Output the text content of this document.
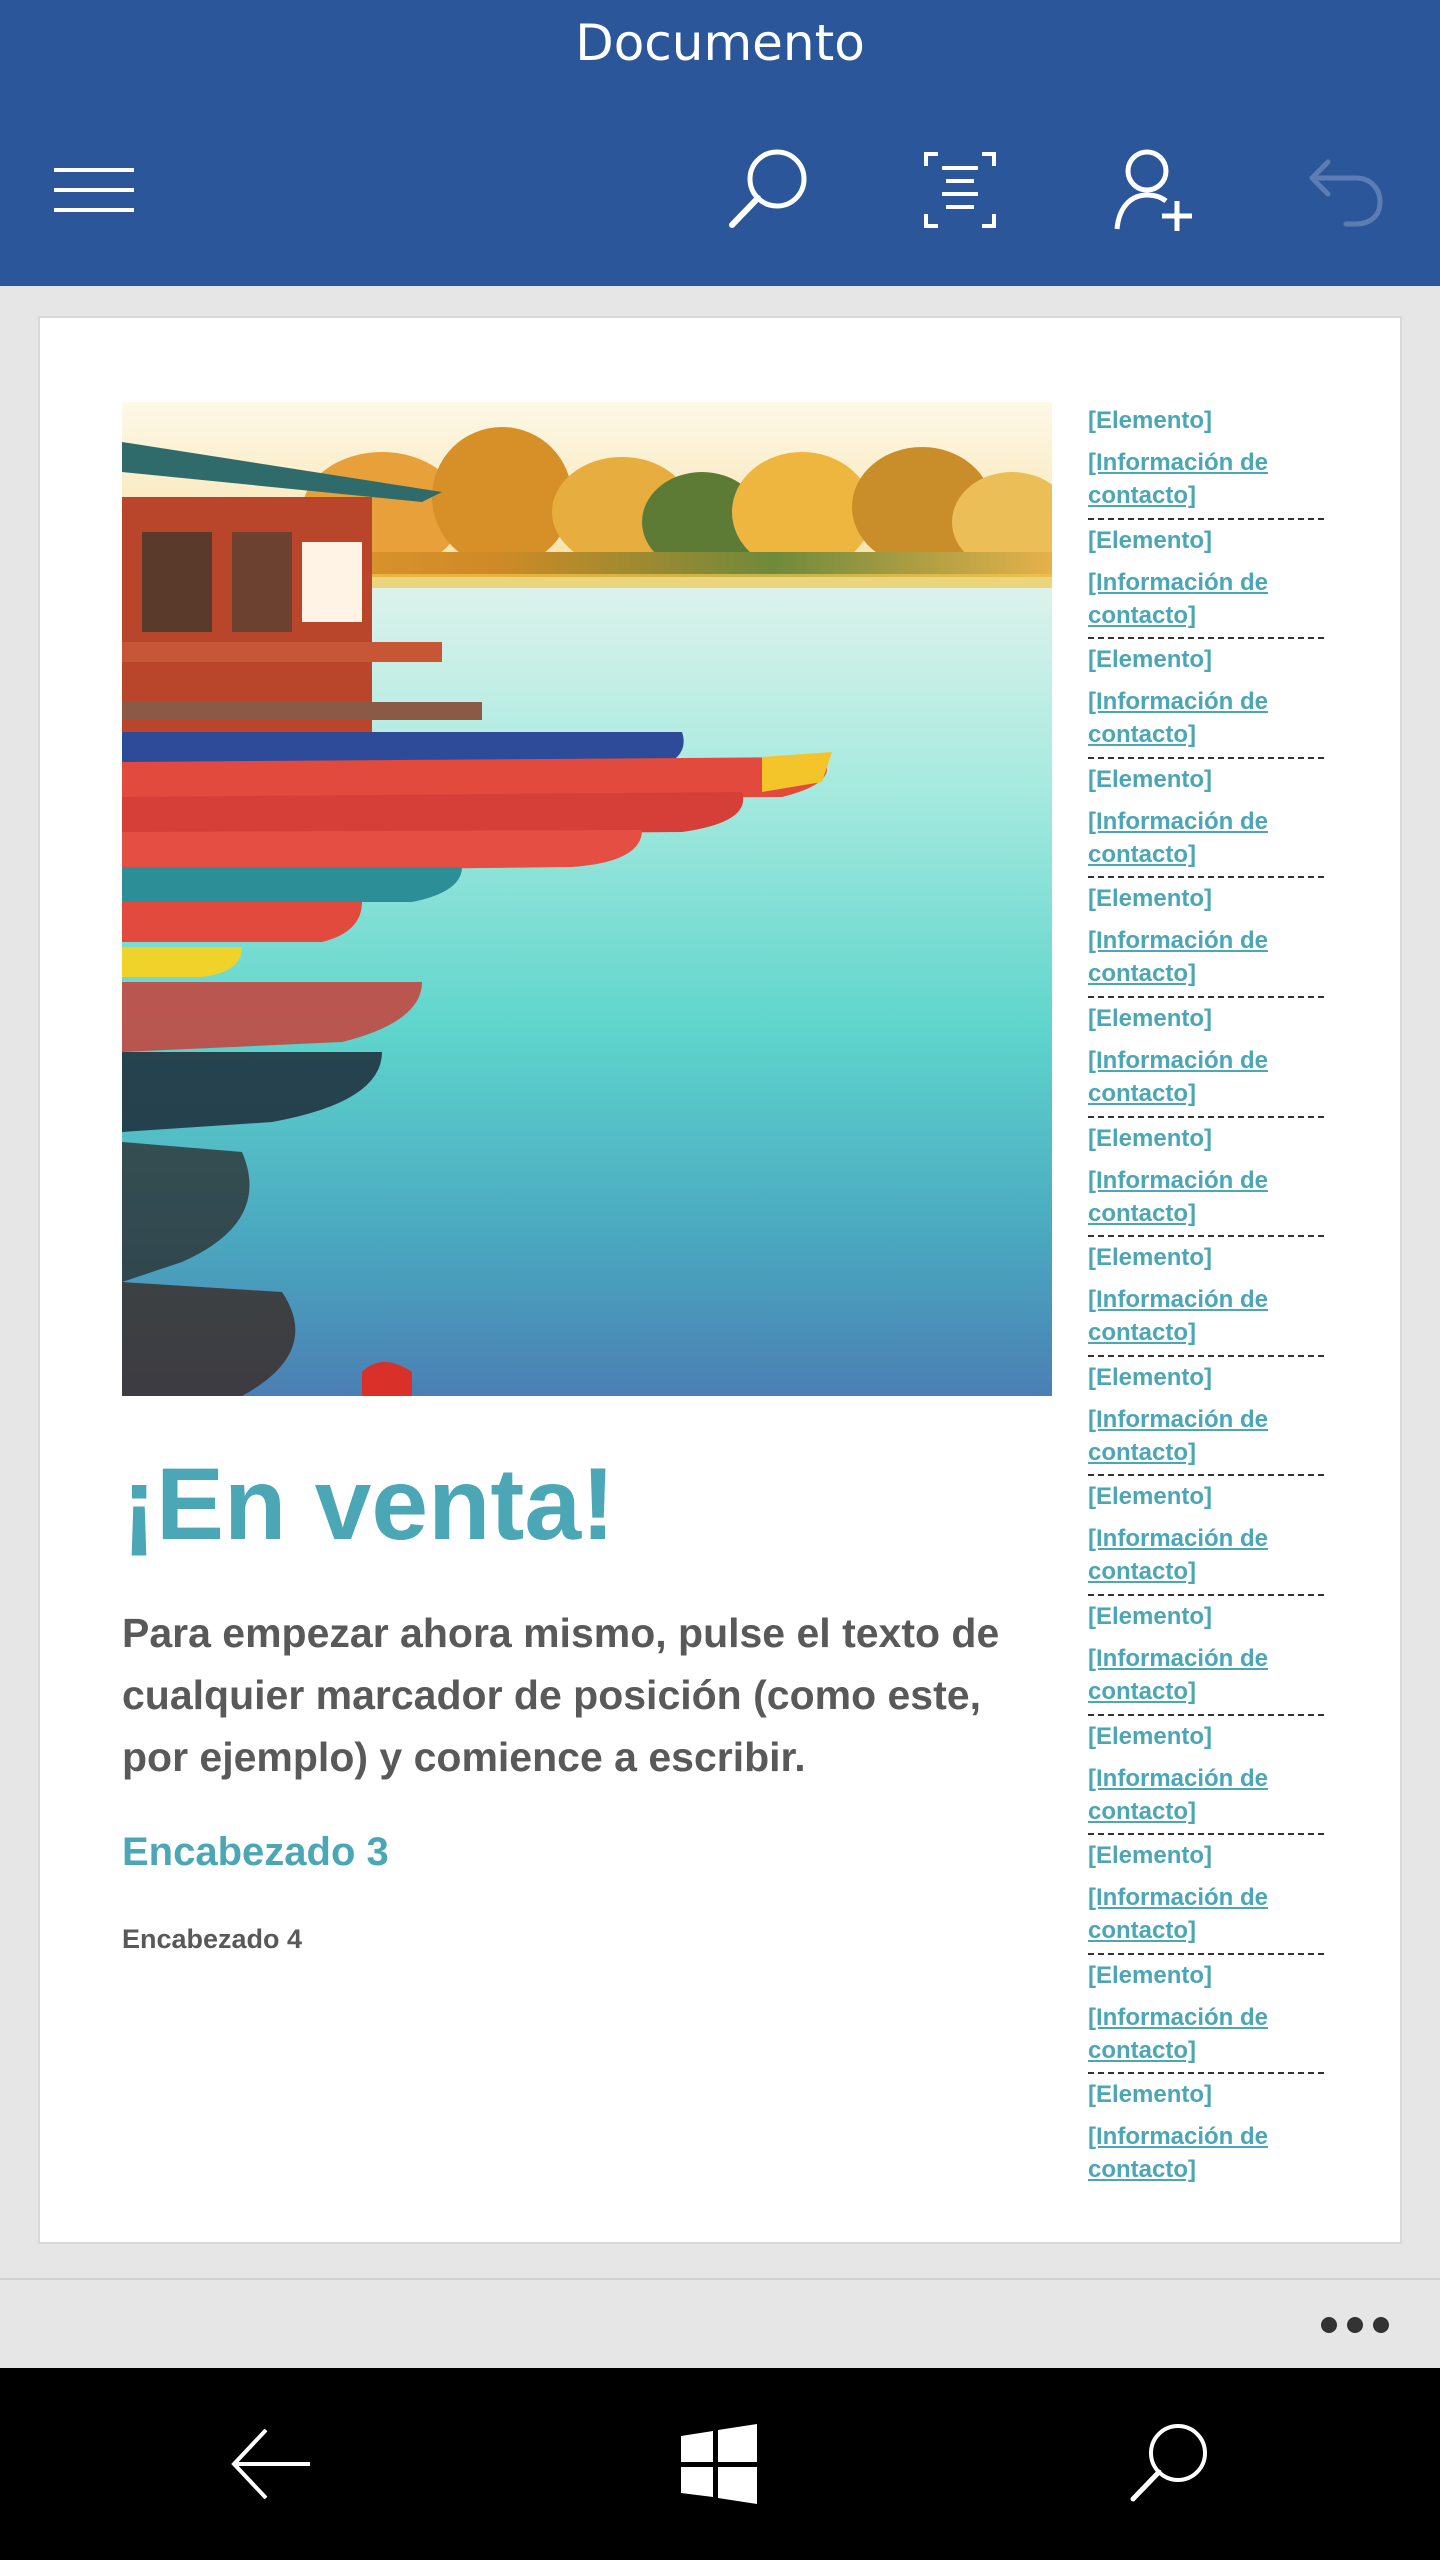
Documento
¡En venta!
Para empezar ahora mismo, pulse el texto de cualquier marcador de posición (como este, por ejemplo) y comience a escribir.
Encabezado 3
Encabezado 4
[Elemento]
[Información de contacto]
[Elemento]
[Información de contacto]
[Elemento]
[Información de contacto]
[Elemento]
[Información de contacto]
[Elemento]
[Información de contacto]
[Elemento]
[Información de contacto]
[Elemento]
[Información de contacto]
[Elemento]
[Información de contacto]
[Elemento]
[Información de contacto]
[Elemento]
[Información de contacto]
[Elemento]
[Información de contacto]
[Elemento]
[Información de contacto]
[Elemento]
[Información de contacto]
[Elemento]
[Información de contacto]
[Elemento]
[Información de contacto]
